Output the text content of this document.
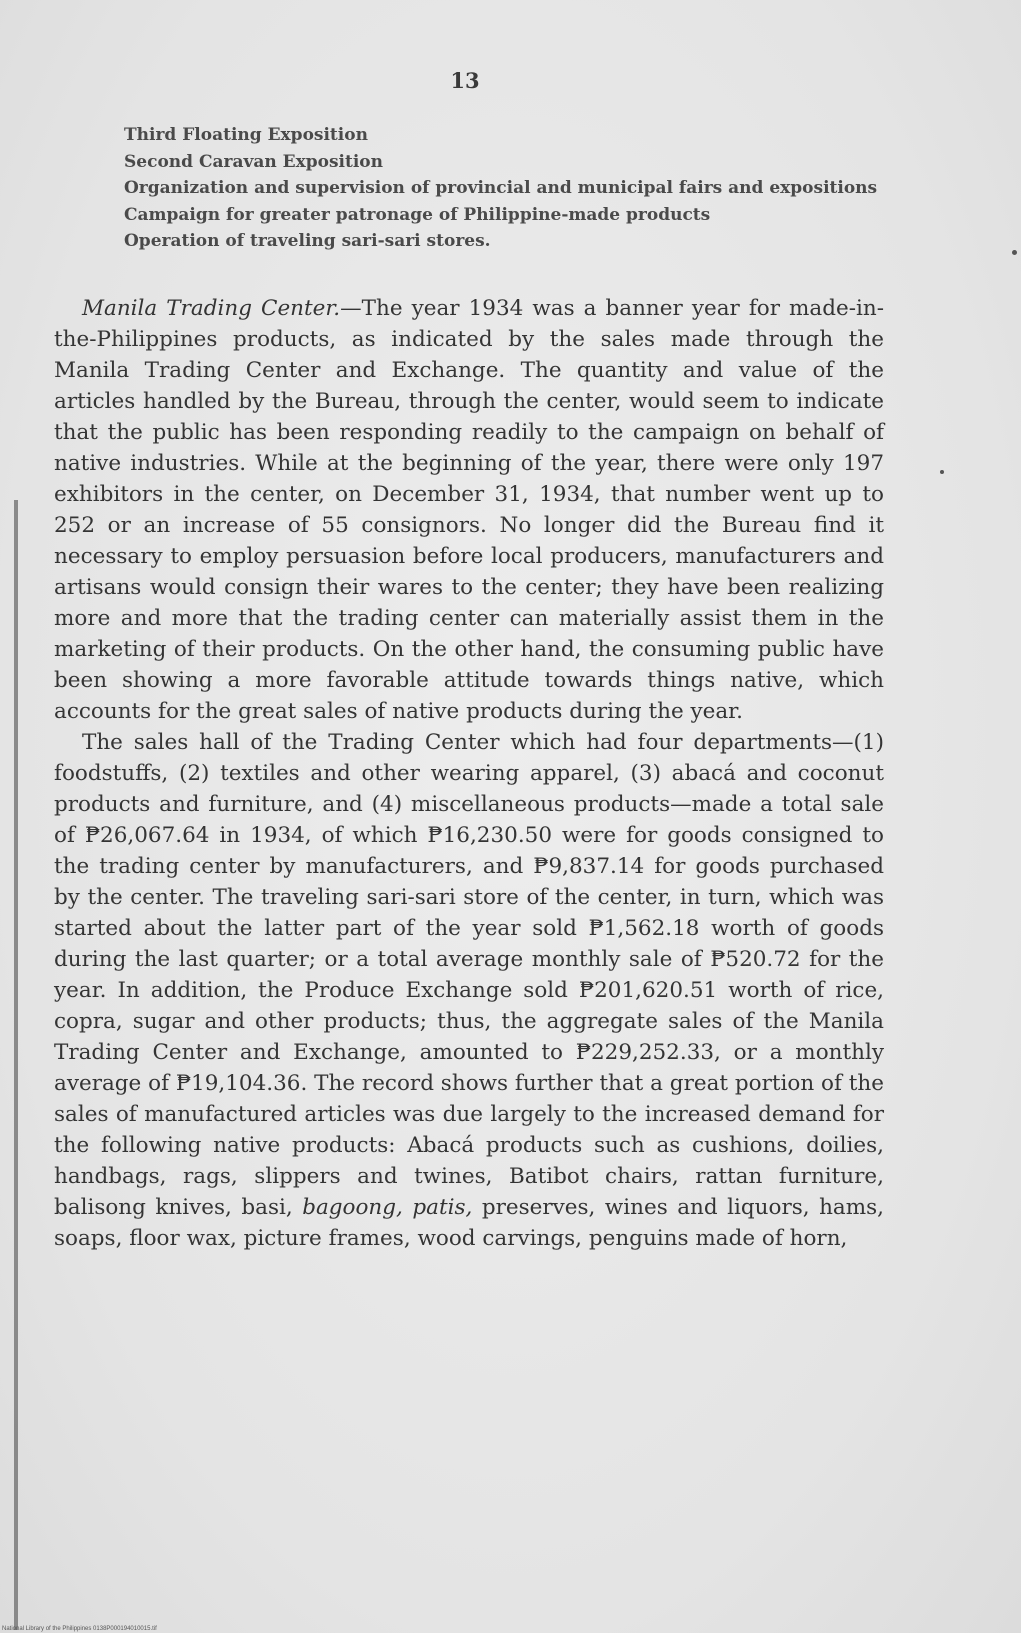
13
Third Floating Exposition
Second Caravan Exposition
Organization and supervision of provincial and municipal fairs and expositions
Campaign for greater patronage of Philippine-made products
Operation of traveling sari-sari stores.

Manila Trading Center.—The year 1934 was a banner year for made-in-the-Philippines products, as indicated by the sales made through the Manila Trading Center and Exchange. The quantity and value of the articles handled by the Bureau, through the center, would seem to indicate that the public has been responding readily to the campaign on behalf of native industries. While at the beginning of the year, there were only 197 exhibitors in the center, on December 31, 1934, that number went up to 252 or an increase of 55 consignors. No longer did the Bureau find it necessary to employ persuasion before local producers, manufacturers and artisans would consign their wares to the center; they have been realizing more and more that the trading center can materially assist them in the marketing of their products. On the other hand, the consuming public have been showing a more favorable attitude towards things native, which accounts for the great sales of native products during the year.

The sales hall of the Trading Center which had four departments—(1) foodstuffs, (2) textiles and other wearing apparel, (3) abacá and coconut products and furniture, and (4) miscellaneous products—made a total sale of ₱26,067.64 in 1934, of which ₱16,230.50 were for goods consigned to the trading center by manufacturers, and ₱9,837.14 for goods purchased by the center. The traveling sari-sari store of the center, in turn, which was started about the latter part of the year sold ₱1,562.18 worth of goods during the last quarter; or a total average monthly sale of ₱520.72 for the year. In addition, the Produce Exchange sold ₱201,620.51 worth of rice, copra, sugar and other products; thus, the aggregate sales of the Manila Trading Center and Exchange, amounted to ₱229,252.33, or a monthly average of ₱19,104.36. The record shows further that a great portion of the sales of manufactured articles was due largely to the increased demand for the following native products: Abacá products such as cushions, doilies, handbags, rags, slippers and twines, Batibot chairs, rattan furniture, balisong knives, basi, bagoong, patis, preserves, wines and liquors, hams, soaps, floor wax, picture frames, wood carvings, penguins made of horn,

National Library of the Philippines 0138P000194010015.tif
